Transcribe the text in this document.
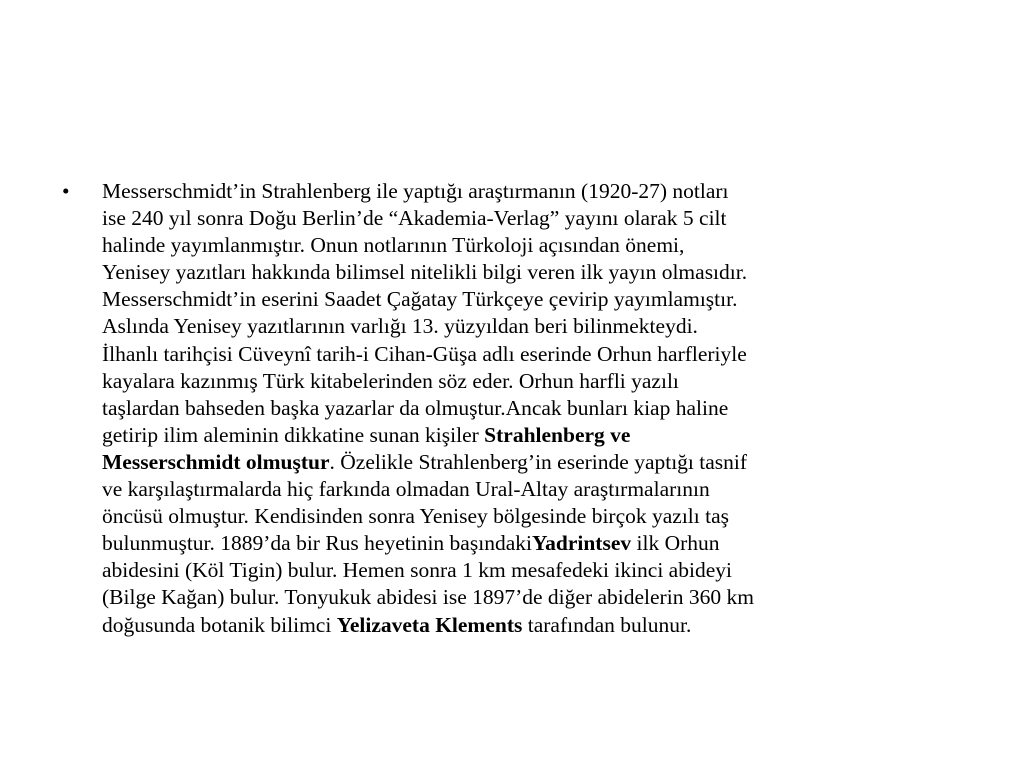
•	Messerschmidt’in Strahlenberg ile yaptığı araştırmanın (1920-27) notları
ise 240 yıl sonra Doğu Berlin’de “Akademia-Verlag” yayını olarak 5 cilt
halinde yayımlanmıştır. Onun notlarının Türkoloji açısından önemi,
Yenisey yazıtları hakkında bilimsel nitelikli bilgi veren ilk yayın olmasıdır.
Messerschmidt’in eserini Saadet Çağatay Türkçeye çevirip yayımlamıştır.
Aslında Yenisey yazıtlarının varlığı 13. yüzyıldan beri bilinmekteydi.
İlhanlı tarihçisi Cüveynî tarih-i Cihan-Güşa adlı eserinde Orhun harfleriyle
kayalara kazınmış Türk kitabelerinden söz eder. Orhun harfli yazılı
taşlardan bahseden başka yazarlar da olmuştur.Ancak bunları kiap haline
getirip ilim aleminin dikkatine sunan kişiler Strahlenberg ve
Messerschmidt olmuştur. Özelikle Strahlenberg’in eserinde yaptığı tasnif
ve karşılaştırmalarda hiç farkında olmadan Ural-Altay araştırmalarının
öncüsü olmuştur. Kendisinden sonra Yenisey bölgesinde birçok yazılı taş
bulunmuştur. 1889’da bir Rus heyetinin başındakiYadrintsev ilk Orhun
abidesini (Köl Tigin) bulur. Hemen sonra 1 km mesafedeki ikinci abideyi
(Bilge Kağan) bulur. Tonyukuk abidesi ise 1897’de diğer abidelerin 360 km
doğusunda botanik bilimci Yelizaveta Klements tarafından bulunur.
